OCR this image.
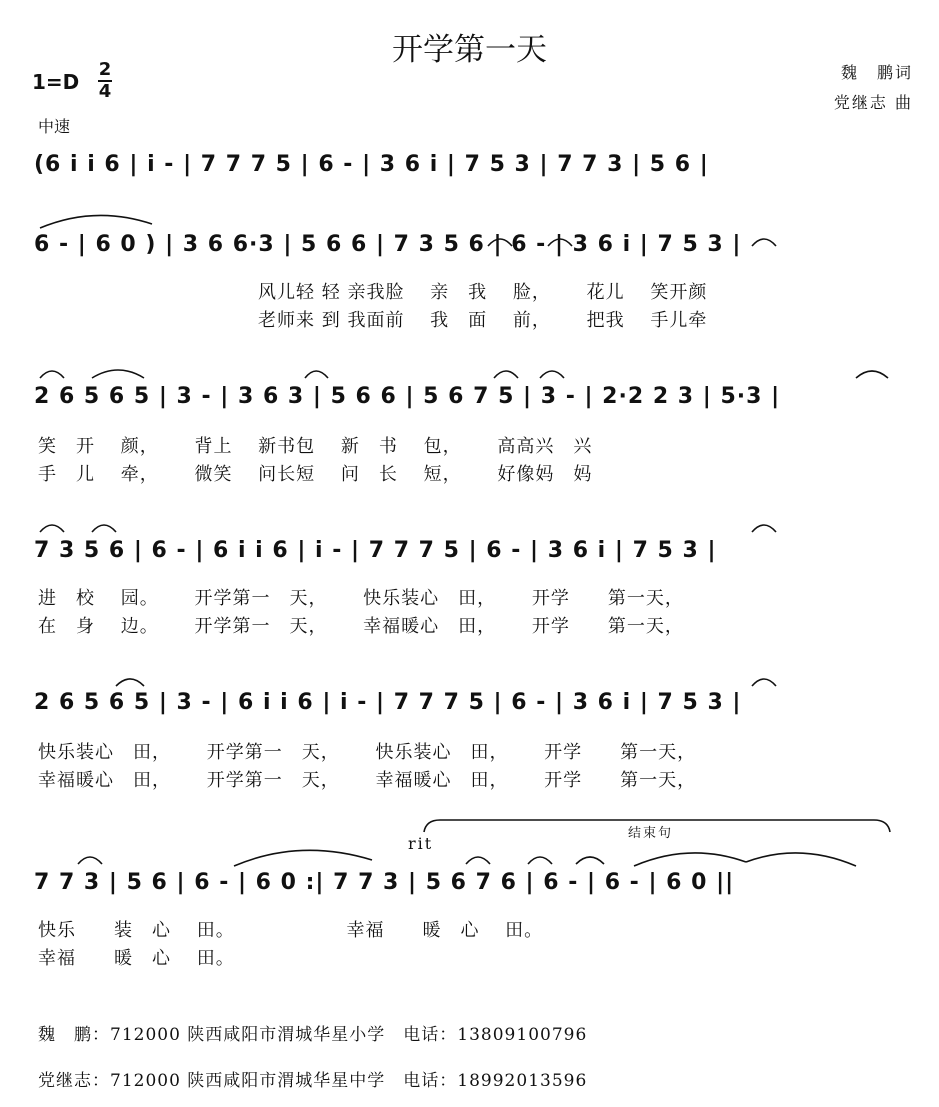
开学第一天
魏　鹏词
党继志 曲
1=D
2
4
中速
(6 i i 6 | i - | 7 7 7 5 | 6 - | 3 6 i | 7 5 3 | 7 7 3 | 5 6 |
6 - | 6 0 ) | 3 6 6·3 | 5 6 6 | 7 3 5 6 | 6 - | 3 6 i | 7 5 3 |
2 6 5 6 5 | 3 - | 3 6 3 | 5 6 6 | 5 6 7 5 | 3 - | 2·2 2 3 | 5·3 |
7 3 5 6 | 6 - | 6 i i 6 | i - | 7 7 7 5 | 6 - | 3 6 i | 7 5 3 |
2 6 5 6 5 | 3 - | 6 i i 6 | i - | 7 7 7 5 | 6 - | 3 6 i | 7 5 3 |
7 7 3 | 5 6 | 6 - | 6 0 :| 7 7 3 | 5 6 7 6 | 6 - | 6 - | 6 0 ||
风儿轻 轻 亲我脸　 亲　我　 脸，　　 花儿　 笑开颜
老师来 到 我面前　 我　面　 前，　　 把我　 手儿牵
笑　开　 颜，　　 背上　 新书包　 新　书　 包，　　 高高兴　兴
手　儿　 牵，　　 微笑　 问长短　 问　长　 短，　　 好像妈　妈
进　校　 园。　　 开学第一　天，　　 快乐装心　田，　　 开学　　第一天，
在　身　 边。　　 开学第一　天，　　 幸福暖心　田，　　 开学　　第一天，
快乐装心　田，　　 开学第一　天，　　 快乐装心　田，　　 开学　　第一天，
幸福暖心　田，　　 开学第一　天，　　 幸福暖心　田，　　 开学　　第一天，
快乐　　装　心　 田。　　　　　　 幸福　　暖　心　 田。
幸福　　暖　心　 田。
rit
结束句
魏　鹏：712000 陕西咸阳市渭城华星小学　电话：13809100796
党继志：712000 陕西咸阳市渭城华星中学　电话：18992013596
